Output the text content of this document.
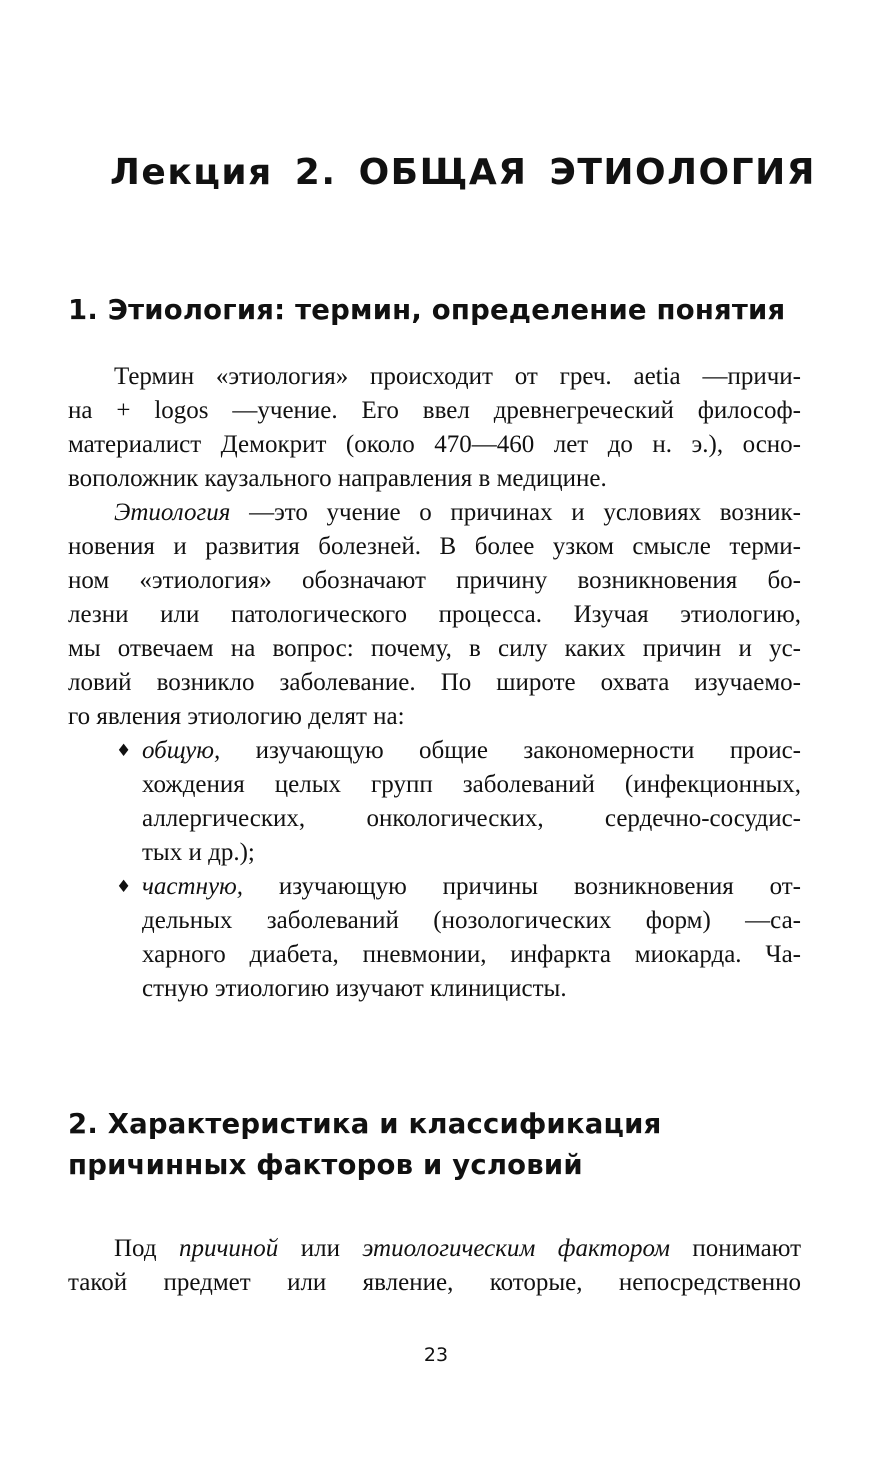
Лекция 2. ОБЩАЯ ЭТИОЛОГИЯ
1. Этиология: термин, определение понятия
Термин «этиология» происходит от греч. aetia —причи-
на + logos —учение. Его ввел древнегреческий философ-
материалист Демокрит (около 470—460 лет до н. э.), осно-
воположник каузального направления в медицине.
Этиология —это учение о причинах и условиях возник-
новения и развития болезней. В более узком смысле терми-
ном «этиология» обозначают причину возникновения бо-
лезни или патологического процесса. Изучая этиологию,
мы отвечаем на вопрос: почему, в силу каких причин и ус-
ловий возникло заболевание. По широте охвата изучаемо-
го явления этиологию делят на:
♦ общую, изучающую общие закономерности проис-
хождения целых групп заболеваний (инфекционных,
аллергических, онкологических, сердечно-сосудис-
тых и др.);
♦ частную, изучающую причины возникновения от-
дельных заболеваний (нозологических форм) —са-
харного диабета, пневмонии, инфаркта миокарда. Ча-
стную этиологию изучают клиницисты.
2. Характеристика и классификация
причинных факторов и условий
Под причиной или этиологическим фактором понимают
такой предмет или явление, которые, непосредственно
23
